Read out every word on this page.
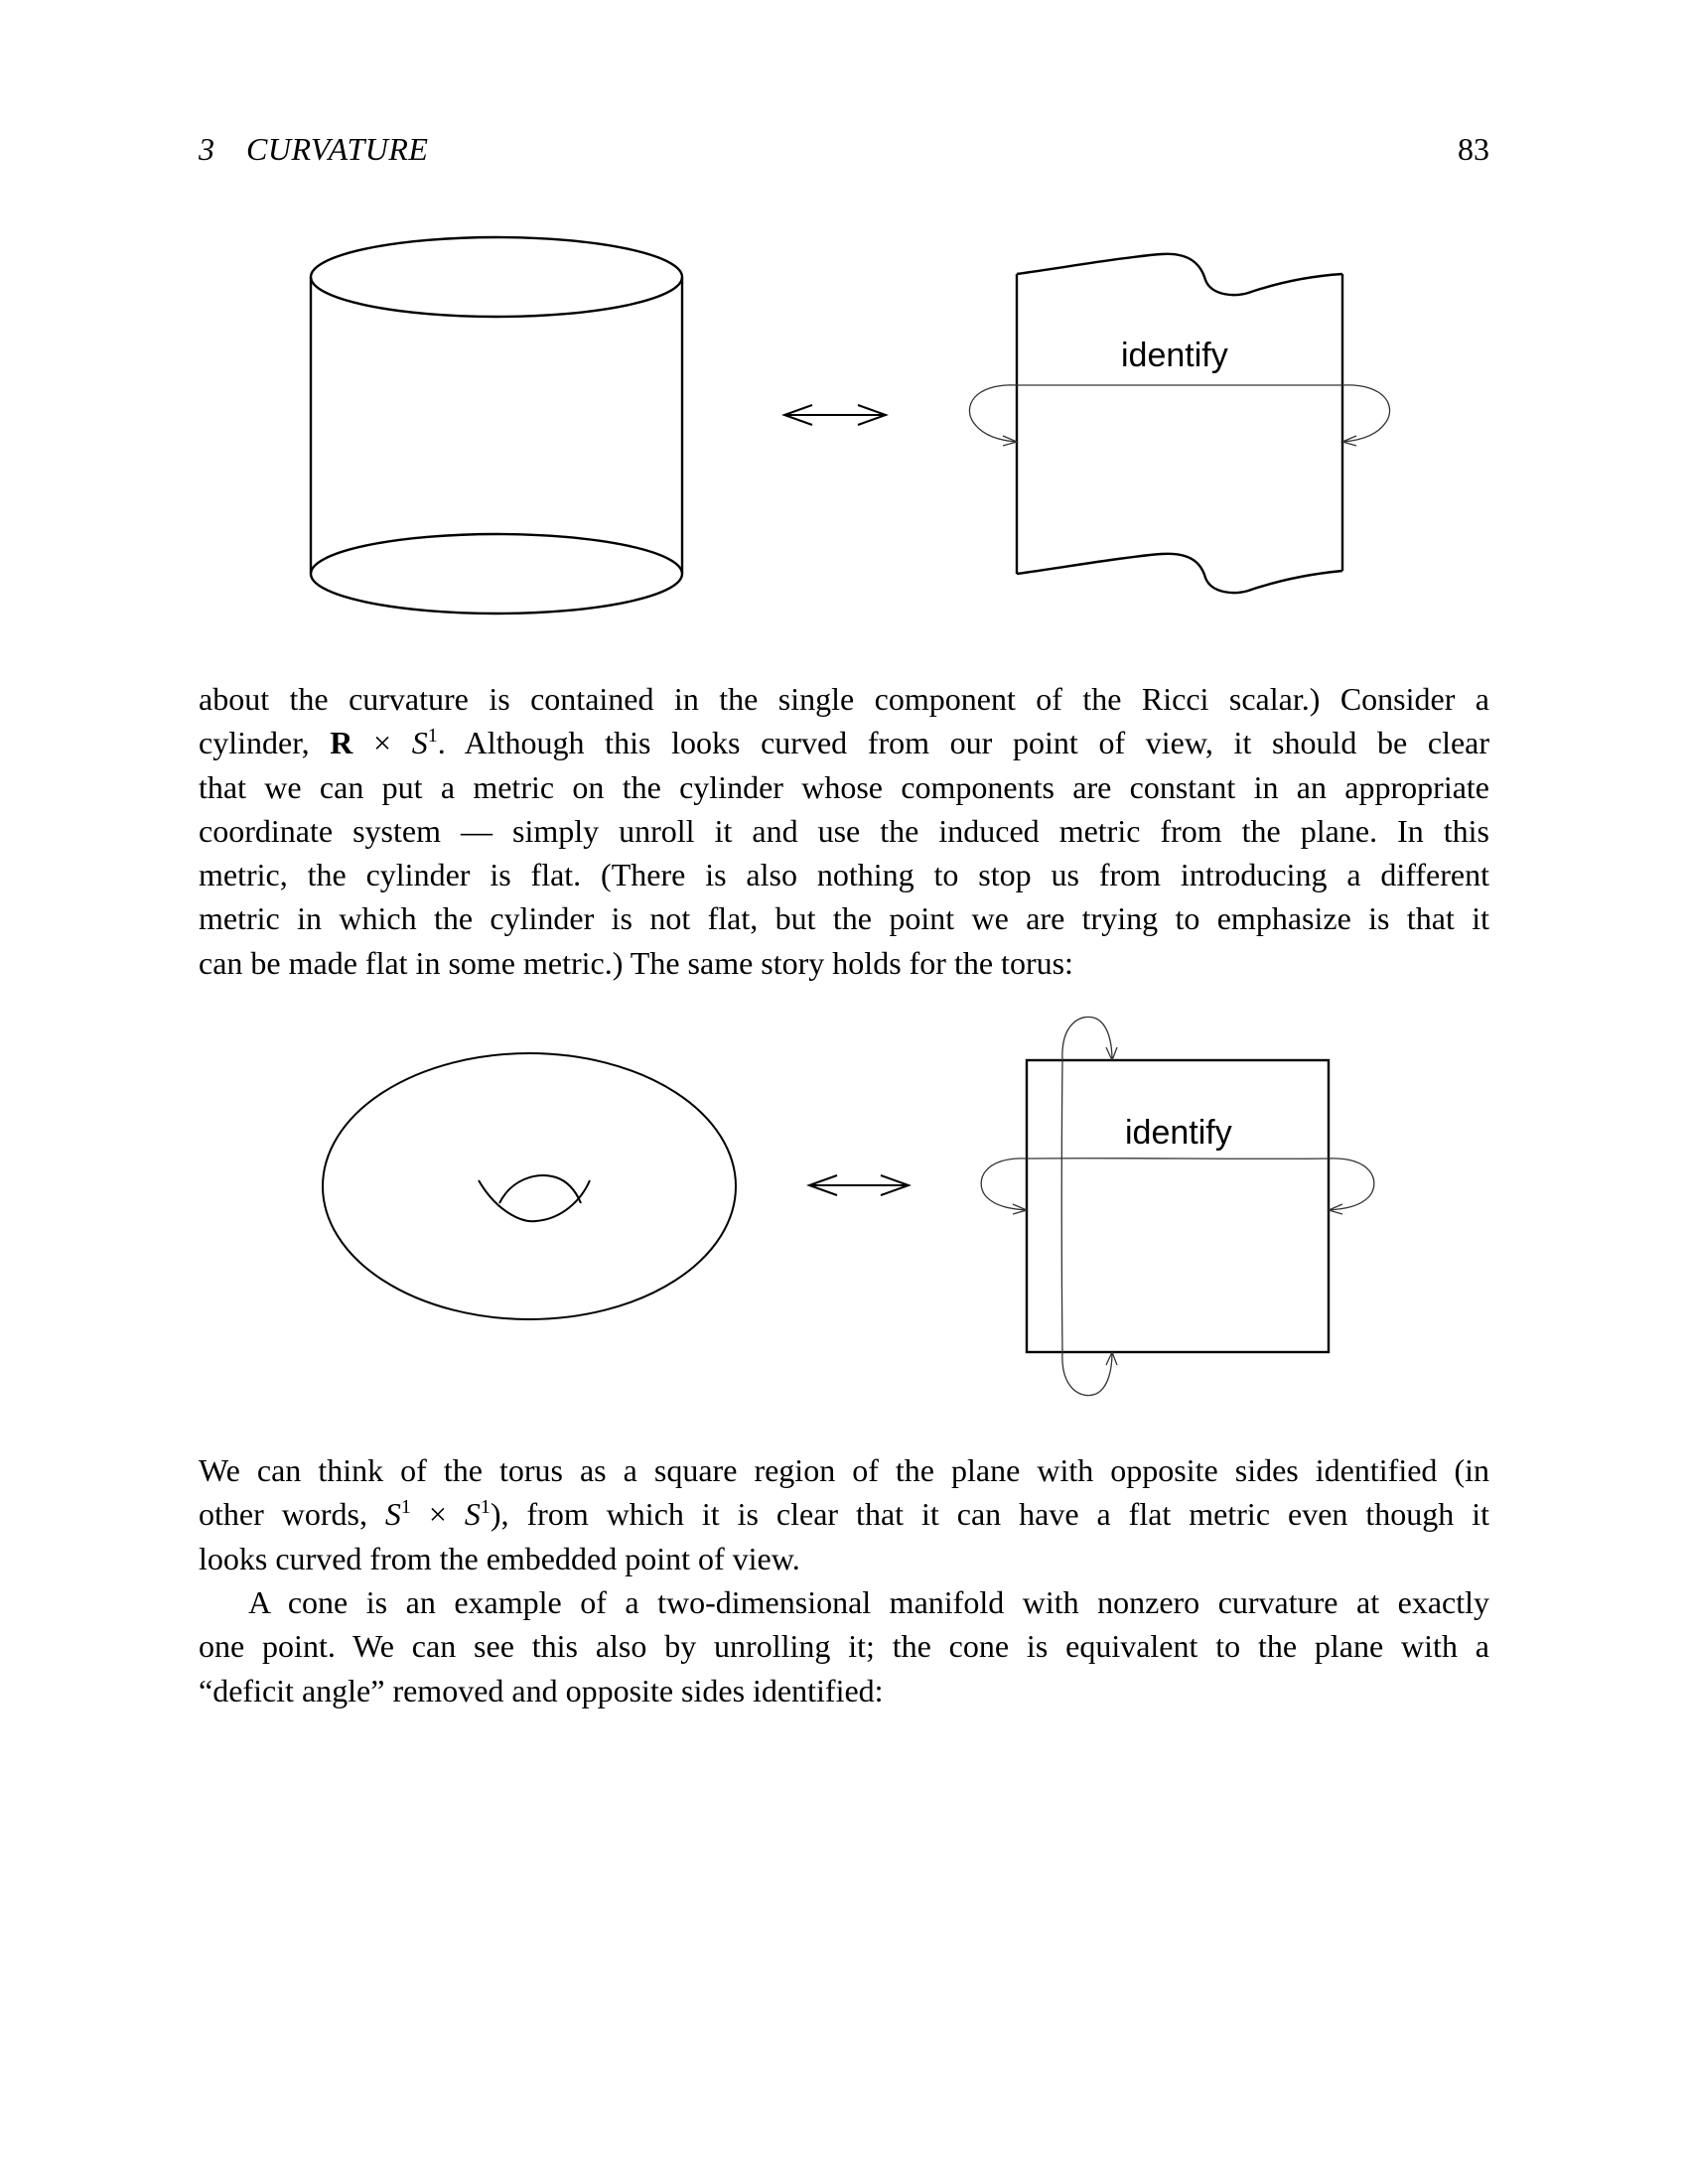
3 CURVATURE	83
identify
about the curvature is contained in the single component of the Ricci scalar.) Consider a
cylinder, $R \times S^1$. Although this looks curved from our point of view, it should be clear
that we can put a metric on the cylinder whose components are constant in an appropriate
coordinate system — simply unroll it and use the induced metric from the plane. In this
metric, the cylinder is flat. (There is also nothing to stop us from introducing a different
metric in which the cylinder is not flat, but the point we are trying to emphasize is that it
can be made flat in some metric.) The same story holds for the torus:
identify
We can think of the torus as a square region of the plane with opposite sides identified (in
other words, $S^1 \times S^1$), from which it is clear that it can have a flat metric even though it
looks curved from the embedded point of view.
A cone is an example of a two-dimensional manifold with nonzero curvature at exactly
one point. We can see this also by unrolling it; the cone is equivalent to the plane with a
“deficit angle” removed and opposite sides identified:
